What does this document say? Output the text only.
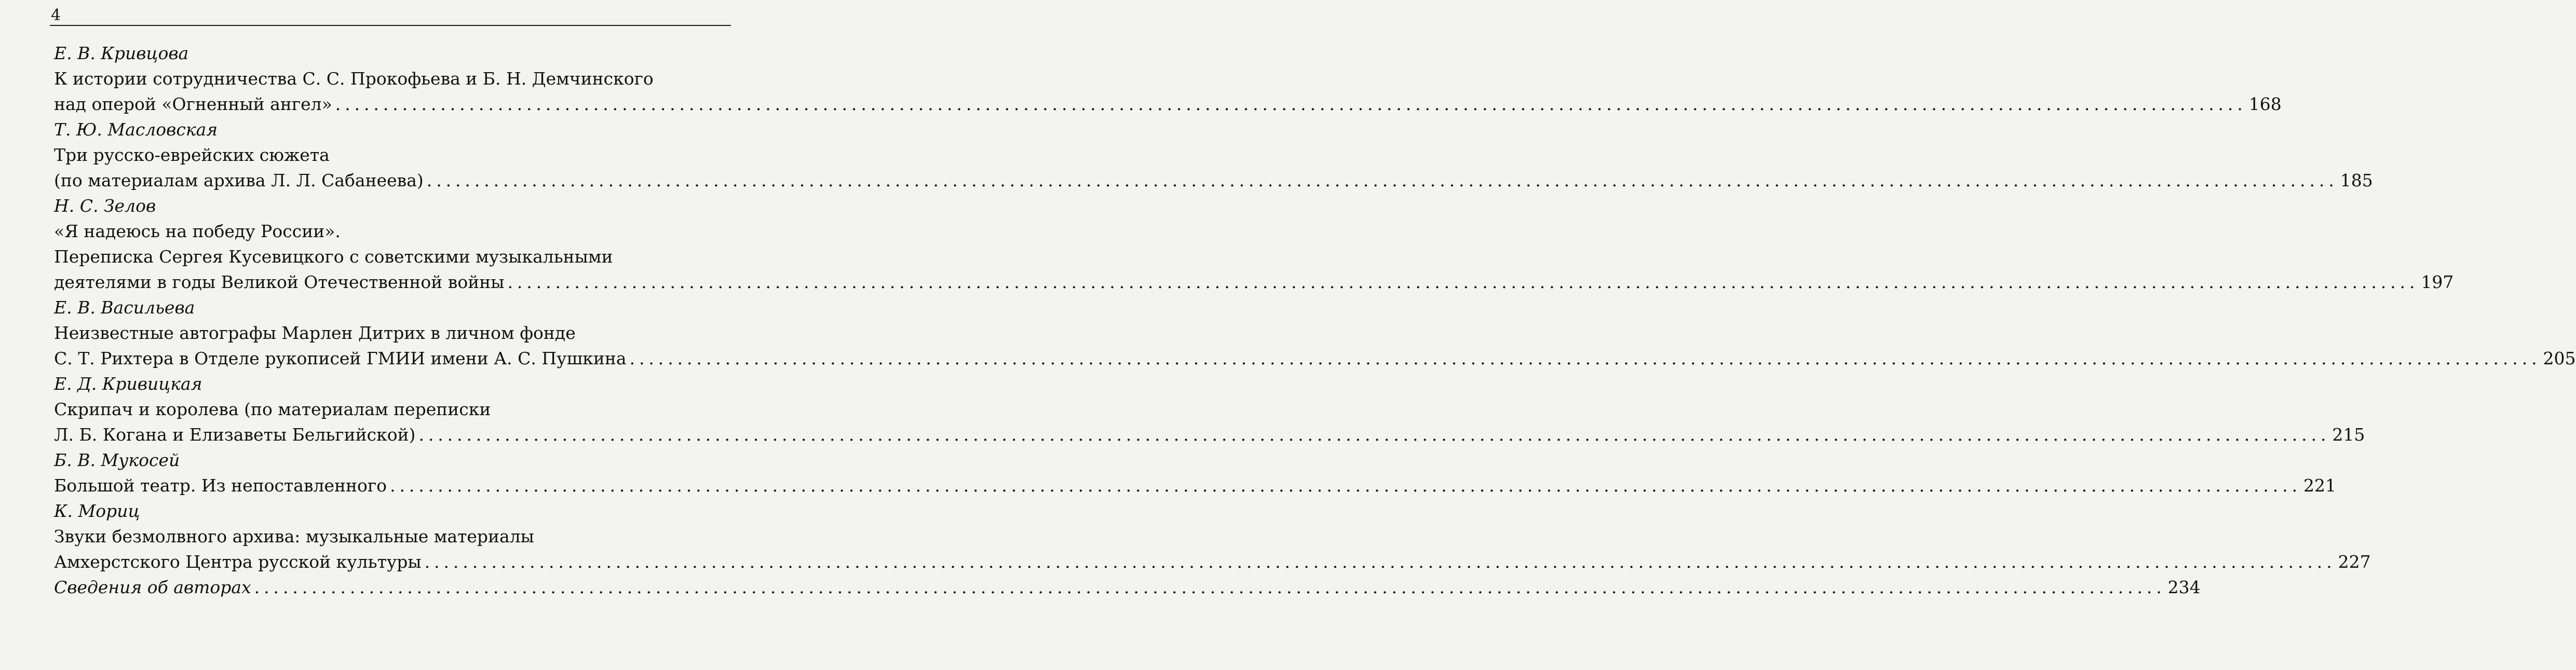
4
Е. В. Кривцова
К истории сотрудничества С. С. Прокофьева и Б. Н. Демчинского
над оперой «Огненный ангел» ........................................................................................................................................................................................................ 168
Т. Ю. Масловская
Три русско-еврейских сюжета
(по материалам архива Л. Л. Сабанеева) ........................................................................................................................................................................................................ 185
Н. С. Зелов
«Я надеюсь на победу России».
Переписка Сергея Кусевицкого с советскими музыкальными
деятелями в годы Великой Отечественной войны ........................................................................................................................................................................................................ 197
Е. В. Васильева
Неизвестные автографы Марлен Дитрих в личном фонде
С. Т. Рихтера в Отделе рукописей ГМИИ имени А. С. Пушкина ........................................................................................................................................................................................................ 205
Е. Д. Кривицкая
Скрипач и королева (по материалам переписки
Л. Б. Когана и Елизаветы Бельгийской) ........................................................................................................................................................................................................ 215
Б. В. Мукосей
Большой театр. Из непоставленного ........................................................................................................................................................................................................ 221
К. Мориц
Звуки безмолвного архива: музыкальные материалы
Амхерстского Центра русской культуры ........................................................................................................................................................................................................ 227
Сведения об авторах ........................................................................................................................................................................................................ 234
